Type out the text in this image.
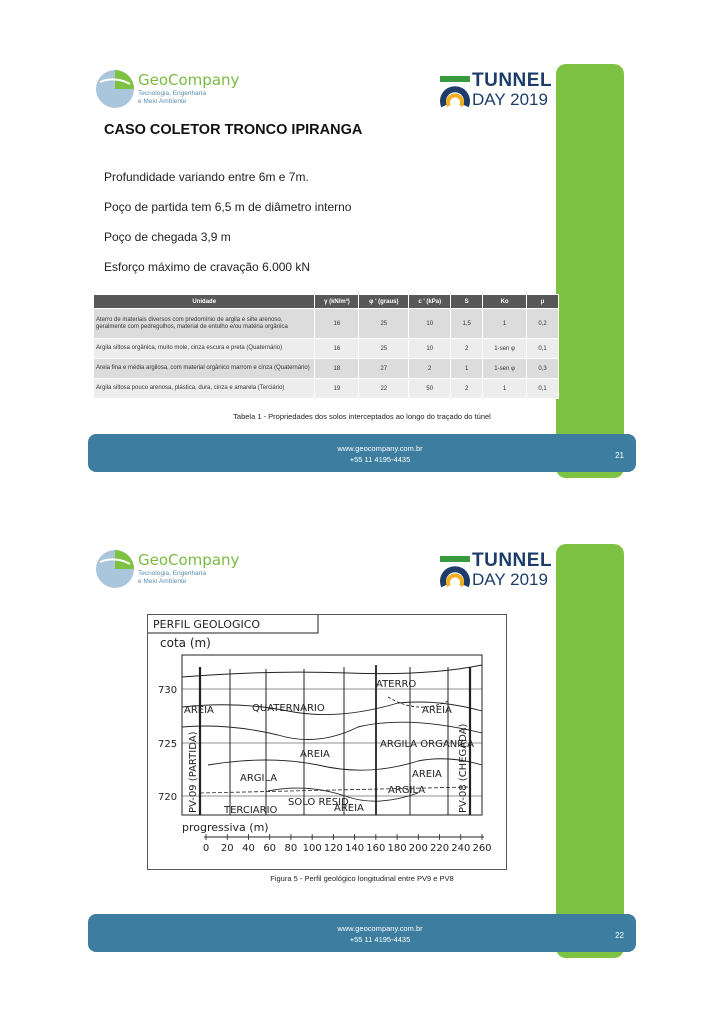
GeoCompany
Tecnologia, Engenharia
e Meio Ambiente
TUNNEL
DAY 2019
CASO COLETOR TRONCO IPIRANGA
Profundidade variando entre 6m e 7m.
Poço de partida tem 6,5 m de diâmetro interno
Poço de chegada 3,9 m
Esforço máximo de cravação 6.000 kN
Unidade	γ (kN/m³)	φ ' (graus)	c ' (kPa)	S	Ko	μ
Aterro de materiais diversos com predomínio de argila e silte arenoso, geralmente com pedregulhos, material de entulho e/ou matéria orgânica	16	25	10	1,5	1	0,2
Argila siltosa orgânica, muito mole, cinza escura e preta (Quaternário)	16	25	10	2	1-sen φ	0,1
Areia fina e média argilosa, com material orgânico marrom e cinza (Quaternário)	18	27	2	1	1-sen φ	0,3
Argila siltosa pouco arenosa, plástica, dura, cinza e amarela (Terciário)	19	22	50	2	1	0,1
Tabela 1 - Propriedades dos solos interceptados ao longo do traçado do túnel
www.geocompany.com.br
+55 11 4195-4435	21
GeoCompany
Tecnologia, Engenharia
e Meio Ambiente
TUNNEL
DAY 2019
PERFIL GEOLOGICO
cota (m)
730
725
720
ATERRO
AREIA	QUATERNARIO	AREIA
AREIA
ARGILA ORGANICA
ARGILA	AREIA
ARGILA
SOLO RESID.
TERCIARIO	AREIA
PV-09 (PARTIDA)	PV-08 (CHEGADA)
progressiva (m)
0 20 40 60 80 100 120 140 160 180 200 220 240 260
Figura 5 - Perfil geológico longitudinal entre PV9 e PV8
www.geocompany.com.br
+55 11 4195-4435	22
